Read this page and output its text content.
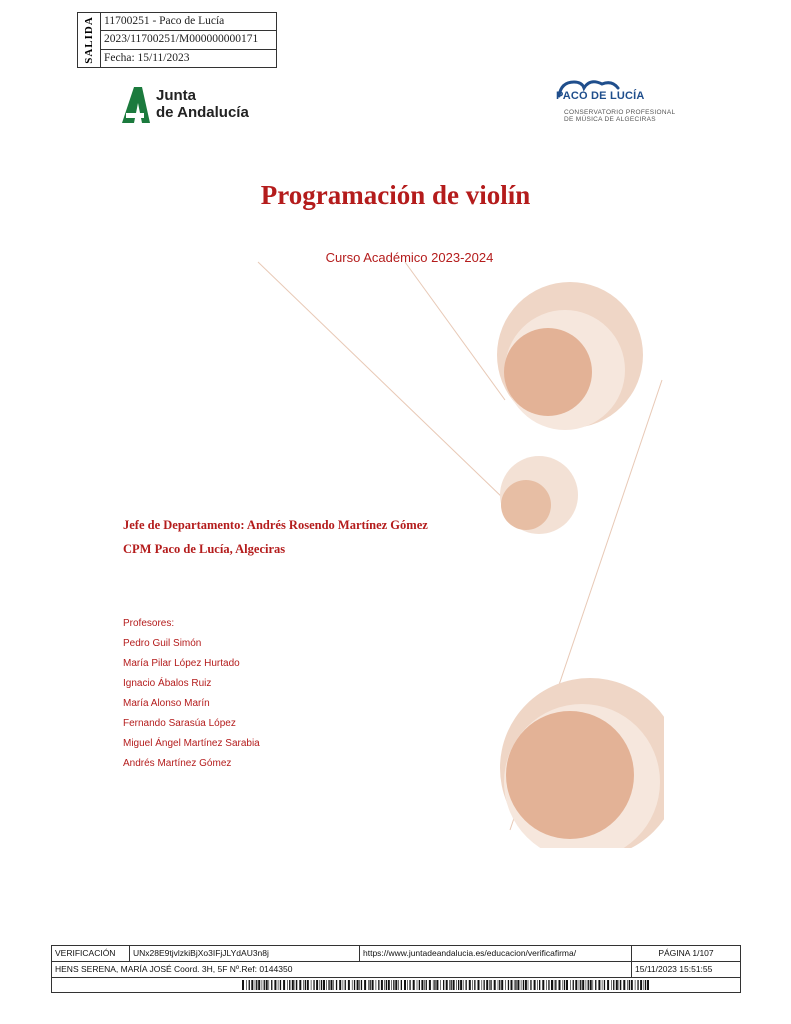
SALIDA 11700251 - Paco de Lucía
2023/11700251/M000000000171
Fecha: 15/11/2023
Junta
de Andalucía
PACO DE LUCÍA
CONSERVATORIO PROFESIONAL
DE MÚSICA DE ALGECIRAS
Programación de violín
Curso Académico 2023-2024
Jefe de Departamento: Andrés Rosendo Martínez Gómez
CPM Paco de Lucía, Algeciras
Profesores:
Pedro Guil Simón
María Pilar López Hurtado
Ignacio Ábalos Ruiz
María Alonso Marín
Fernando Sarasúa López
Miguel Ángel Martínez Sarabia
Andrés Martínez Gómez
VERIFICACIÓN	UNx28E9tjvlzkiBjXo3IFjJLYdAU3n8j	https://www.juntadeandalucia.es/educacion/verificafirma/	PÁGINA 1/107
HENS SERENA, MARÍA JOSÉ Coord. 3H, 5F Nº.Ref: 0144350	15/11/2023 15:51:55
